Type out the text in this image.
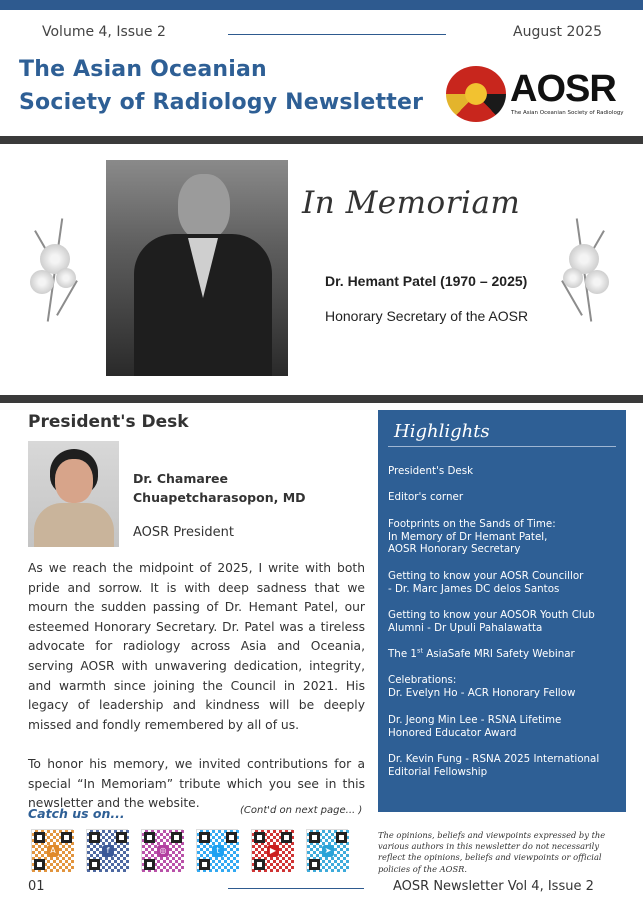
Volume 4, Issue 2	August 2025
The Asian Oceanian
Society of Radiology Newsletter AOSR
The Asian Oceanian Society of Radiology
In Memoriam
Dr. Hemant Patel (1970 – 2025)
Honorary Secretary of the AOSR
President's Desk
Dr. Chamaree
Chuapetcharasopon, MD
AOSR President

As we reach the midpoint of 2025, I write with both pride and sorrow. It is with deep sadness that we mourn the sudden passing of Dr. Hemant Patel, our esteemed Honorary Secretary. Dr. Patel was a tireless advocate for radiology across Asia and Oceania, serving AOSR with unwavering dedication, integrity, and warmth since joining the Council in 2021. His legacy of leadership and kindness will be deeply missed and fondly remembered by all of us.

To honor his memory, we invited contributions for a special “In Memoriam” tribute which you see in this newsletter and the website.

Catch us on...	(Cont'd on next page... )
A	f	◎	t	▶	➤
Highlights
President's Desk
Editor's corner
Footprints on the Sands of Time:
In Memory of Dr Hemant Patel,
AOSR Honorary Secretary
Getting to know your AOSR Councillor
- Dr. Marc James DC delos Santos
Getting to know your AOSOR Youth Club
Alumni - Dr Upuli Pahalawatta
The 1st AsiaSafe MRI Safety Webinar
Celebrations:
Dr. Evelyn Ho - ACR Honorary Fellow
Dr. Jeong Min Lee - RSNA Lifetime
Honored Educator Award
Dr. Kevin Fung - RSNA 2025 International
Editorial Fellowship
The opinions, beliefs and viewpoints expressed by the various authors in this newsletter do not necessarily reflect the opinions, beliefs and viewpoints or official policies of the AOSR.
01	AOSR Newsletter Vol 4, Issue 2
